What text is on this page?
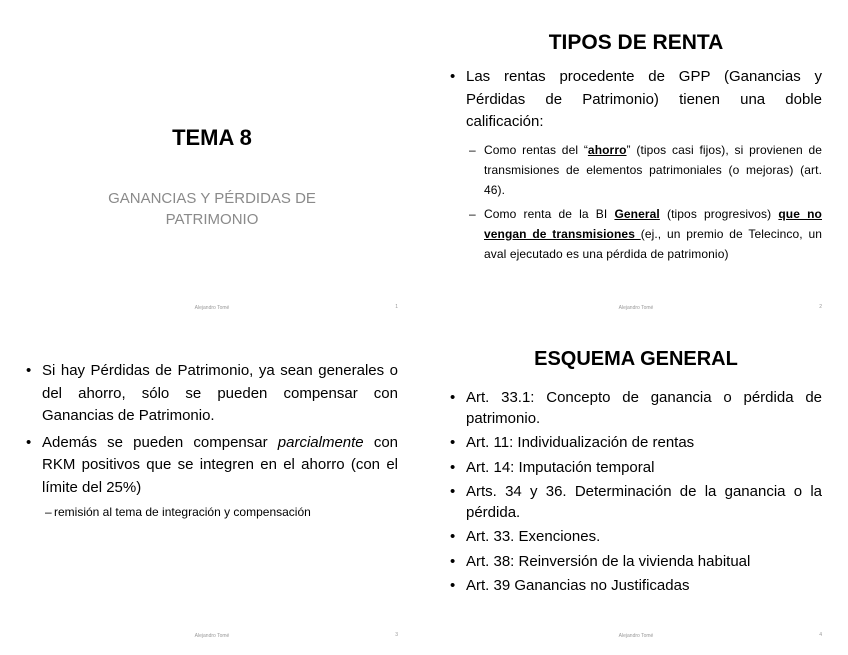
TEMA 8
GANANCIAS Y PÉRDIDAS DE PATRIMONIO
Alejandro Tomé	1
TIPOS DE RENTA
• Las rentas procedente de GPP (Ganancias y Pérdidas de Patrimonio) tienen una doble calificación:
– Como rentas del “ahorro” (tipos casi fijos), si provienen de transmisiones de elementos patrimoniales (o mejoras) (art. 46).
– Como renta de la BI General (tipos progresivos) que no vengan de transmisiones (ej., un premio de Telecinco, un aval ejecutado es una pérdida de patrimonio)
Alejandro Tomé	2
• Si hay Pérdidas de Patrimonio, ya sean generales o del ahorro, sólo se pueden compensar con Ganancias de Patrimonio.
• Además se pueden compensar parcialmente con RKM positivos que se integren en el ahorro (con el límite del 25%)
– remisión al tema de integración y compensación
Alejandro Tomé	3
ESQUEMA GENERAL
• Art. 33.1: Concepto de ganancia o pérdida de patrimonio.
• Art. 11: Individualización de rentas
• Art. 14: Imputación temporal
• Arts. 34 y 36. Determinación de la ganancia o la pérdida.
• Art. 33. Exenciones.
• Art. 38: Reinversión de la vivienda habitual
• Art. 39 Ganancias no Justificadas
Alejandro Tomé	4
